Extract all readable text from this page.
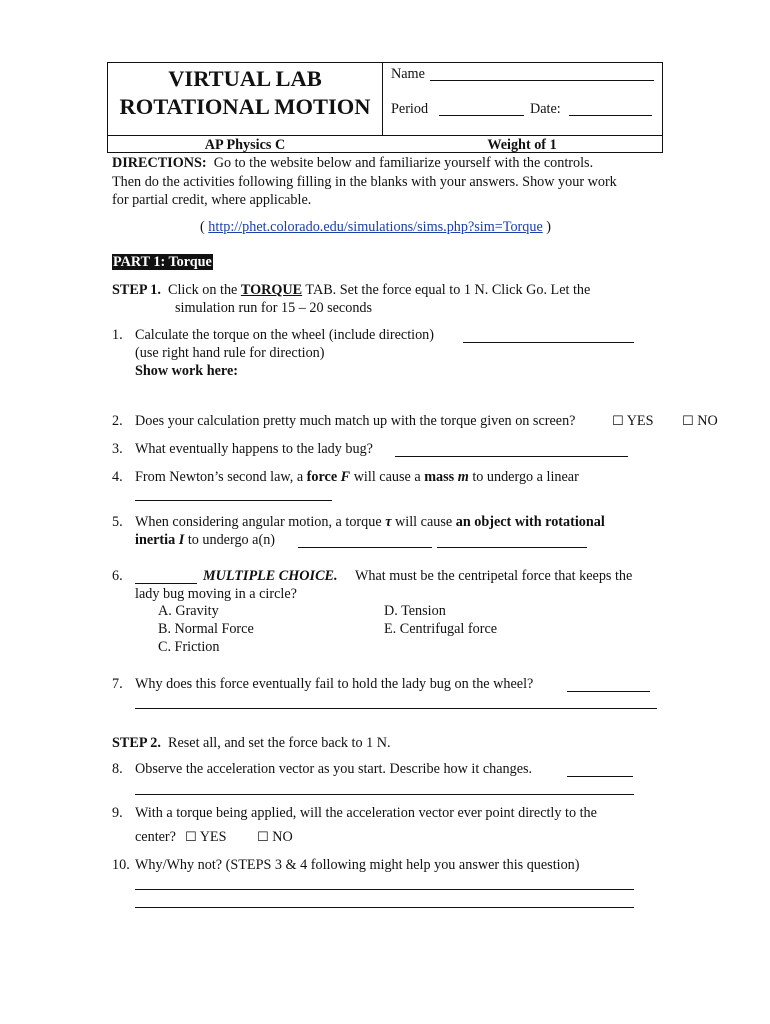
VIRTUAL LAB
ROTATIONAL MOTION
Name
Period	Date:
AP Physics C	Weight of 1
DIRECTIONS: Go to the website below and familiarize yourself with the controls.
Then do the activities following filling in the blanks with your answers. Show your work
for partial credit, where applicable.
( http://phet.colorado.edu/simulations/sims.php?sim=Torque )
PART 1: Torque
STEP 1. Click on the TORQUE TAB. Set the force equal to 1 N. Click Go. Let the
simulation run for 15 – 20 seconds
1. Calculate the torque on the wheel (include direction)
(use right hand rule for direction)
Show work here:
2. Does your calculation pretty much match up with the torque given on screen?	☐ YES ☐ NO
3. What eventually happens to the lady bug?
4. From Newton’s second law, a force F will cause a mass m to undergo a linear
5. When considering angular motion, a torque τ will cause an object with rotational
inertia I to undergo a(n)
6.	MULTIPLE CHOICE. What must be the centripetal force that keeps the
lady bug moving in a circle?
A. Gravity
B. Normal Force
C. Friction
D. Tension
E. Centrifugal force
7. Why does this force eventually fail to hold the lady bug on the wheel?
STEP 2. Reset all, and set the force back to 1 N.
8. Observe the acceleration vector as you start. Describe how it changes.
9. With a torque being applied, will the acceleration vector ever point directly to the
center? ☐ YES ☐ NO
10. Why/Why not? (STEPS 3 & 4 following might help you answer this question)
